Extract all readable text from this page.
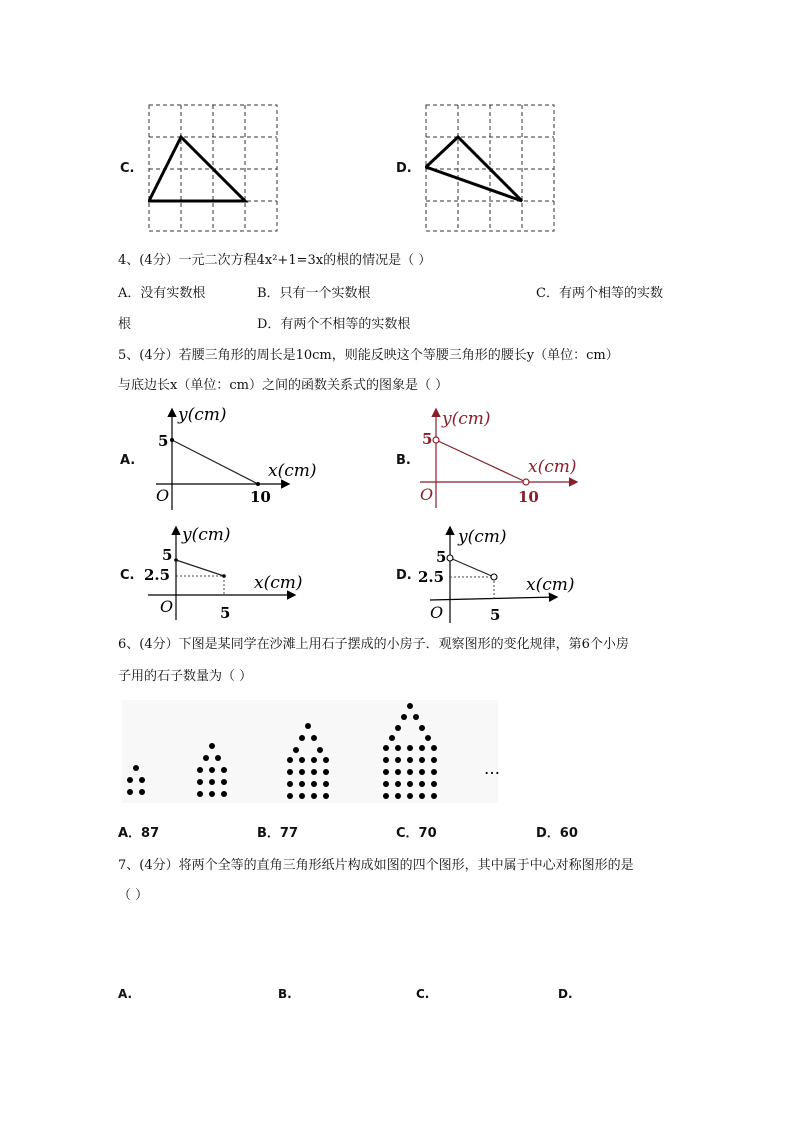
C.	D.
4、(4分）一元二次方程4x²+1=3x的根的情况是（ ）
A．没有实数根	B．只有一个实数根	C．有两个相等的实数
根	D．有两个不相等的实数根
5、(4分）若腰三角形的周长是10cm，则能反映这个等腰三角形的腰长y（单位：cm）
与底边长x（单位：cm）之间的函数关系式的图象是（ ）
A.
y(cm)
x(cm)
O
5
10
B.
y(cm)
x(cm)
O
5
10
C.
y(cm)
x(cm)
O
5
2.5
5
D.
y(cm)
x(cm)
O
5
2.5
5
6、(4分）下图是某同学在沙滩上用石子摆成的小房子．观察图形的变化规律，第6个小房
子用的石子数量为（ ）
…
A．87	B．77	C．70	D．60
7、(4分）将两个全等的直角三角形纸片构成如图的四个图形，其中属于中心对称图形的是
（ ）
A.	B.	C.	D.
